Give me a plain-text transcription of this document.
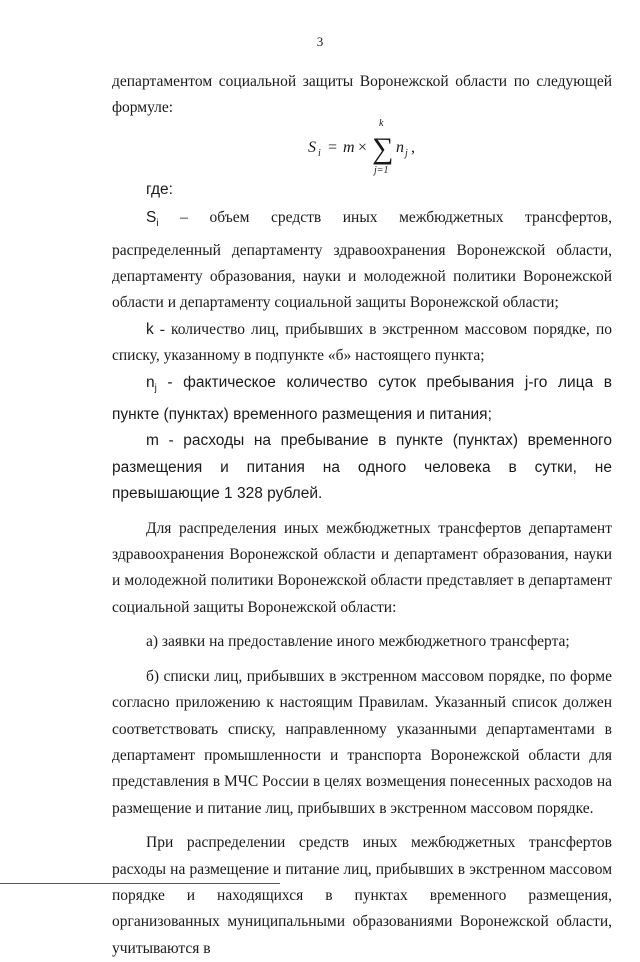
3

департаментом социальной защиты Воронежской области по следующей

формуле:

S i = m ×
k
∑
j=1
n j ,
где:

$S_i$ – объем средств иных межбюджетных трансфертов, распределенный департаменту здравоохранения Воронежской области, департаменту образования, науки и молодежной политики Воронежской области и департаменту социальной защиты Воронежской области;

k - количество лиц, прибывших в экстренном массовом порядке, по списку, указанному в подпункте «б» настоящего пункта;

$n_j$ - фактическое количество суток пребывания j-го лица в пункте (пунктах) временного размещения и питания;

m - расходы на пребывание в пункте (пунктах) временного размещения и питания на одного человека в сутки, не превышающие 1 328 рублей.

Для распределения иных межбюджетных трансфертов департамент здравоохранения Воронежской области и департамент образования, науки и молодежной политики Воронежской области представляет в департамент социальной защиты Воронежской области:

а) заявки на предоставление иного межбюджетного трансферта;

б) списки лиц, прибывших в экстренном массовом порядке, по форме согласно приложению к настоящим Правилам. Указанный список должен соответствовать списку, направленному указанными департаментами в департамент промышленности и транспорта Воронежской области для представления в МЧС России в целях возмещения понесенных расходов на размещение и питание лиц, прибывших в экстренном массовом порядке.

При распределении средств иных межбюджетных трансфертов расходы на размещение и питание лиц, прибывших в экстренном массовом порядке и находящихся в пунктах временного размещения, организованных муниципальными образованиями Воронежской области, учитываются в
